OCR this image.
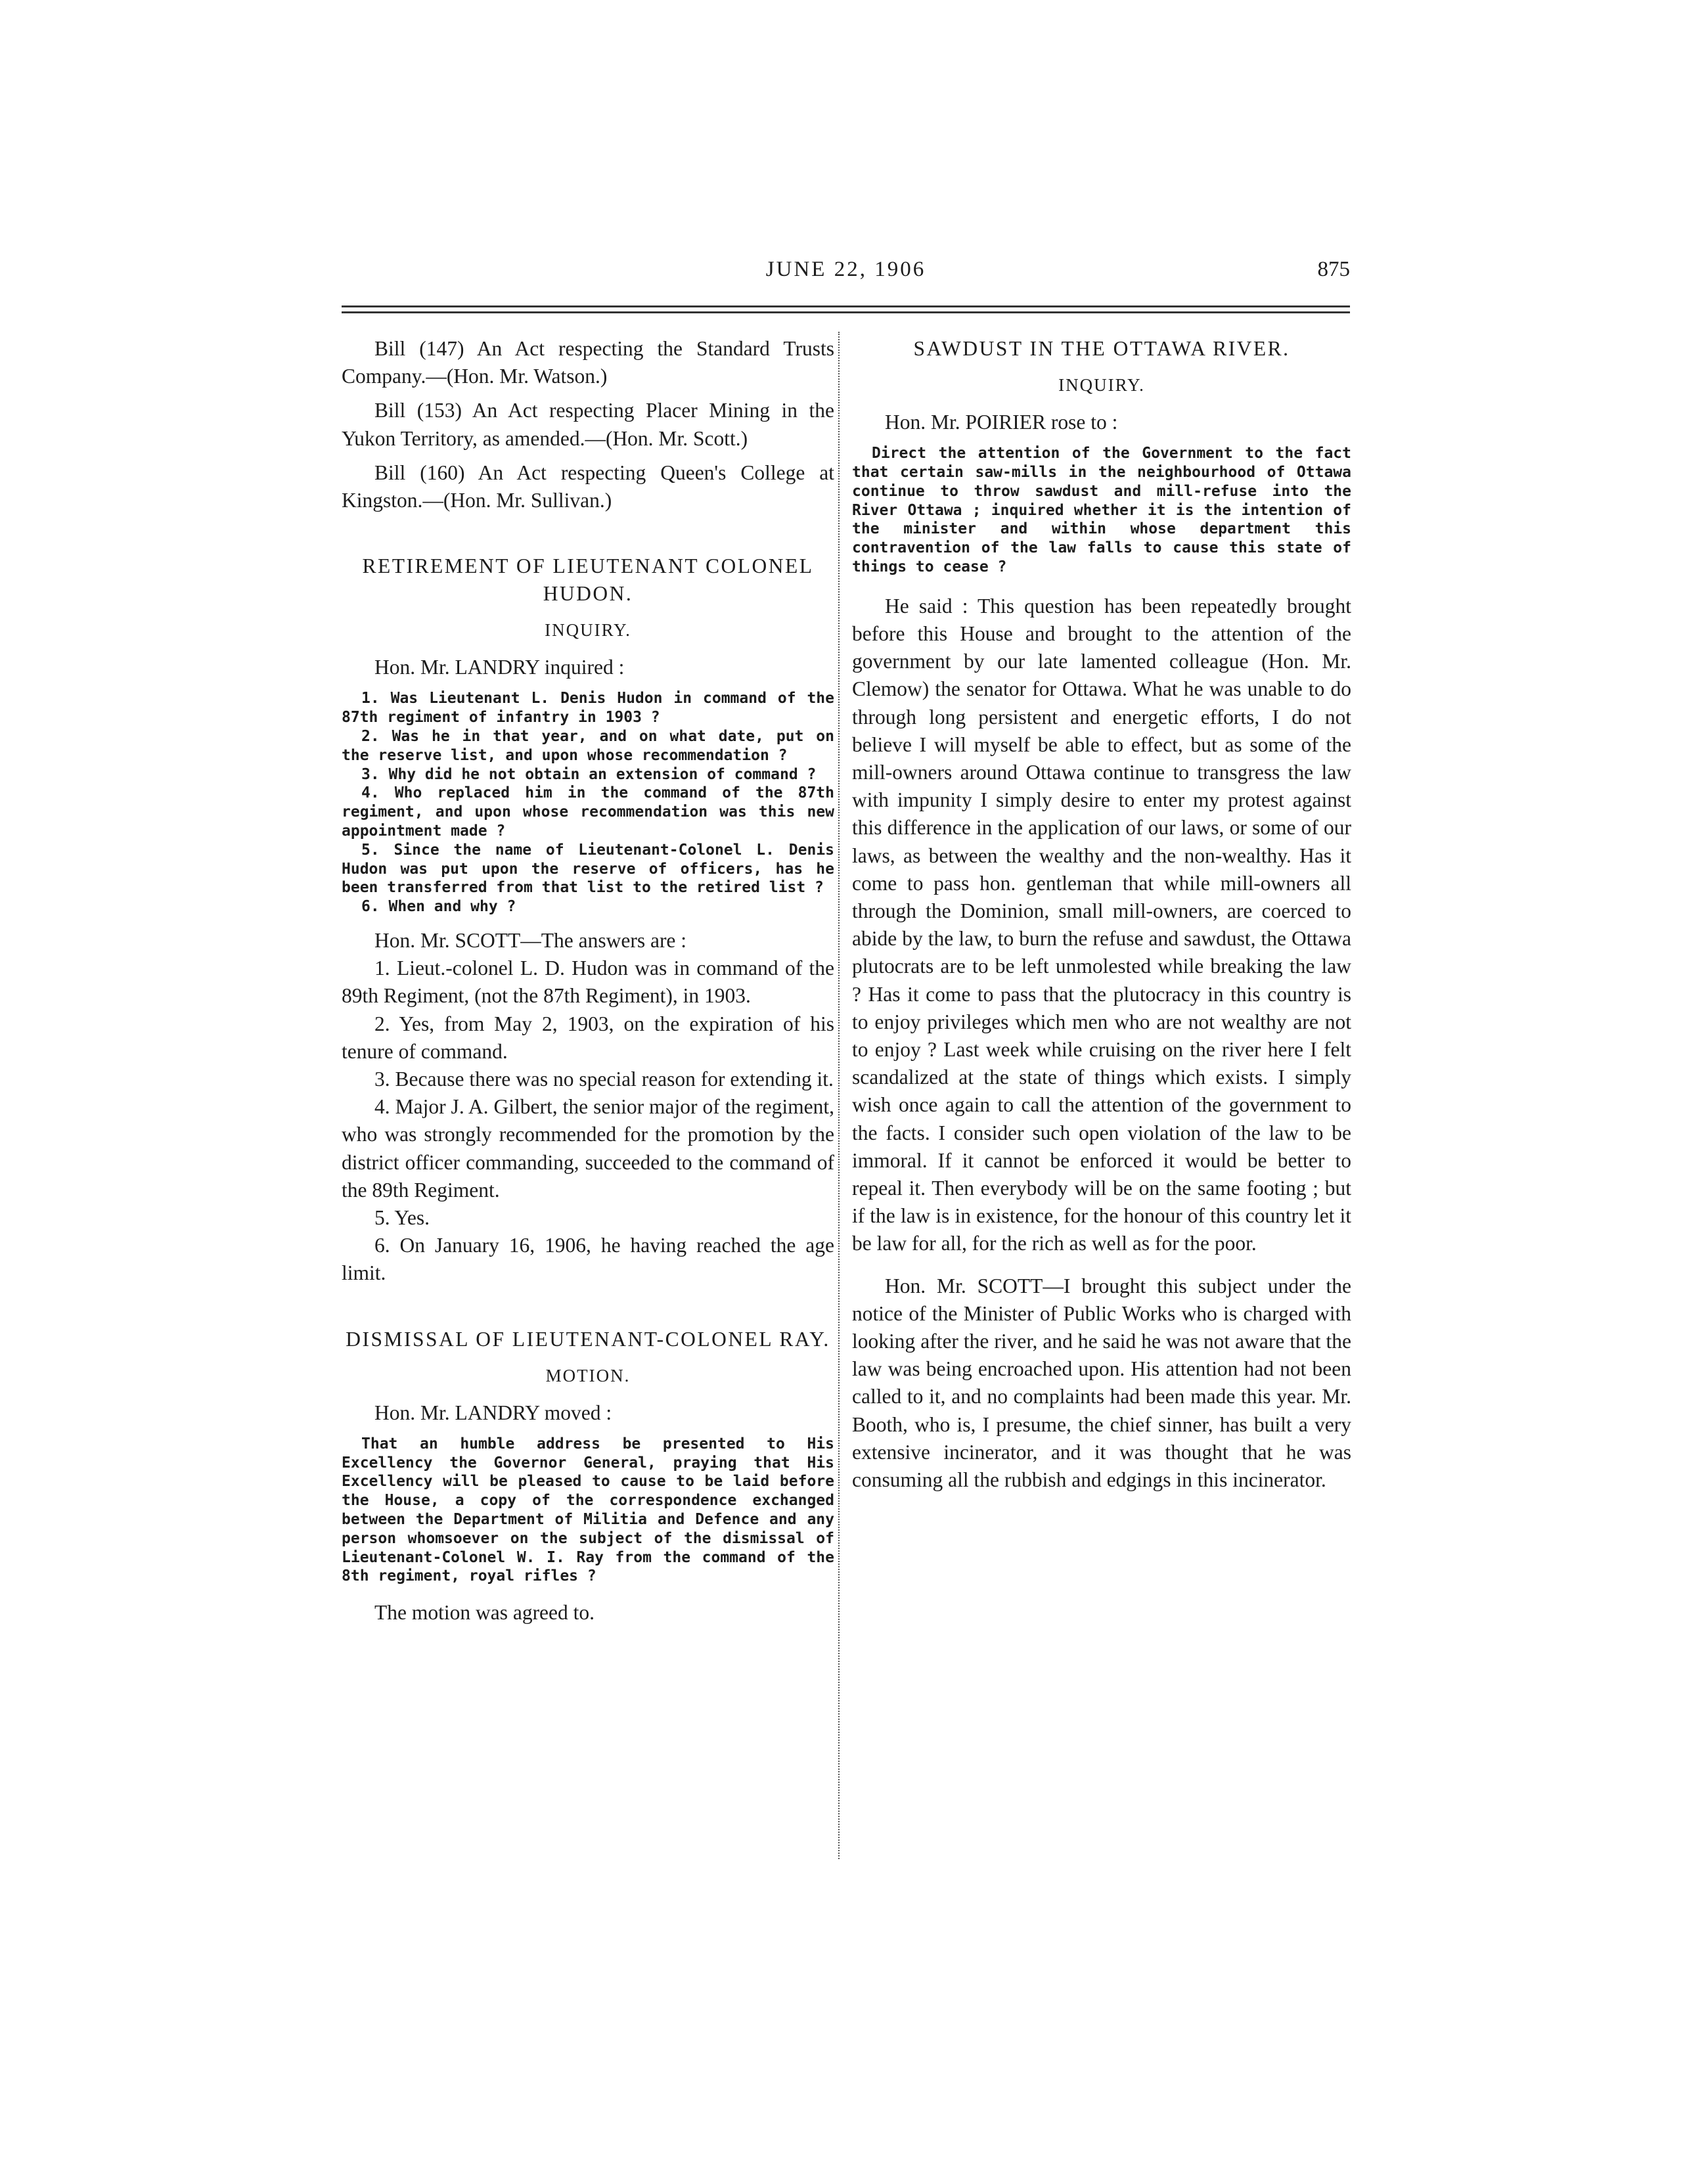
JUNE 22, 1906	875

Bill (147) An Act respecting the Standard Trusts Company.—(Hon. Mr. Watson.)

Bill (153) An Act respecting Placer Mining in the Yukon Territory, as amended.—(Hon. Mr. Scott.)

Bill (160) An Act respecting Queen's College at Kingston.—(Hon. Mr. Sullivan.)

RETIREMENT OF LIEUTENANT COLONEL HUDON.
INQUIRY.

Hon. Mr. LANDRY inquired :

1. Was Lieutenant L. Denis Hudon in command of the 87th regiment of infantry in 1903 ?

2. Was he in that year, and on what date, put on the reserve list, and upon whose recommendation ?

3. Why did he not obtain an extension of command ?

4. Who replaced him in the command of the 87th regiment, and upon whose recommendation was this new appointment made ?

5. Since the name of Lieutenant-Colonel L. Denis Hudon was put upon the reserve of officers, has he been transferred from that list to the retired list ?

6. When and why ?

Hon. Mr. SCOTT—The answers are :

1. Lieut.-colonel L. D. Hudon was in command of the 89th Regiment, (not the 87th Regiment), in 1903.

2. Yes, from May 2, 1903, on the expiration of his tenure of command.

3. Because there was no special reason for extending it.

4. Major J. A. Gilbert, the senior major of the regiment, who was strongly recommended for the promotion by the district officer commanding, succeeded to the command of the 89th Regiment.

5. Yes.

6. On January 16, 1906, he having reached the age limit.

DISMISSAL OF LIEUTENANT-COLONEL RAY.
MOTION.

Hon. Mr. LANDRY moved :

That an humble address be presented to His Excellency the Governor General, praying that His Excellency will be pleased to cause to be laid before the House, a copy of the correspondence exchanged between the Department of Militia and Defence and any person whomsoever on the subject of the dismissal of Lieutenant-Colonel W. I. Ray from the command of the 8th regiment, royal rifles ?

The motion was agreed to.

SAWDUST IN THE OTTAWA RIVER.
INQUIRY.

Hon. Mr. POIRIER rose to :

Direct the attention of the Government to the fact that certain saw-mills in the neighbourhood of Ottawa continue to throw sawdust and mill-refuse into the River Ottawa ; inquired whether it is the intention of the minister and within whose department this contravention of the law falls to cause this state of things to cease ?

He said : This question has been repeatedly brought before this House and brought to the attention of the government by our late lamented colleague (Hon. Mr. Clemow) the senator for Ottawa. What he was unable to do through long persistent and energetic efforts, I do not believe I will myself be able to effect, but as some of the mill-owners around Ottawa continue to transgress the law with impunity I simply desire to enter my protest against this difference in the application of our laws, or some of our laws, as between the wealthy and the non-wealthy. Has it come to pass hon. gentleman that while mill-owners all through the Dominion, small mill-owners, are coerced to abide by the law, to burn the refuse and sawdust, the Ottawa plutocrats are to be left unmolested while breaking the law ? Has it come to pass that the plutocracy in this country is to enjoy privileges which men who are not wealthy are not to enjoy ? Last week while cruising on the river here I felt scandalized at the state of things which exists. I simply wish once again to call the attention of the government to the facts. I consider such open violation of the law to be immoral. If it cannot be enforced it would be better to repeal it. Then everybody will be on the same footing ; but if the law is in existence, for the honour of this country let it be law for all, for the rich as well as for the poor.

Hon. Mr. SCOTT—I brought this subject under the notice of the Minister of Public Works who is charged with looking after the river, and he said he was not aware that the law was being encroached upon. His attention had not been called to it, and no complaints had been made this year. Mr. Booth, who is, I presume, the chief sinner, has built a very extensive incinerator, and it was thought that he was consuming all the rubbish and edgings in this incinerator.
